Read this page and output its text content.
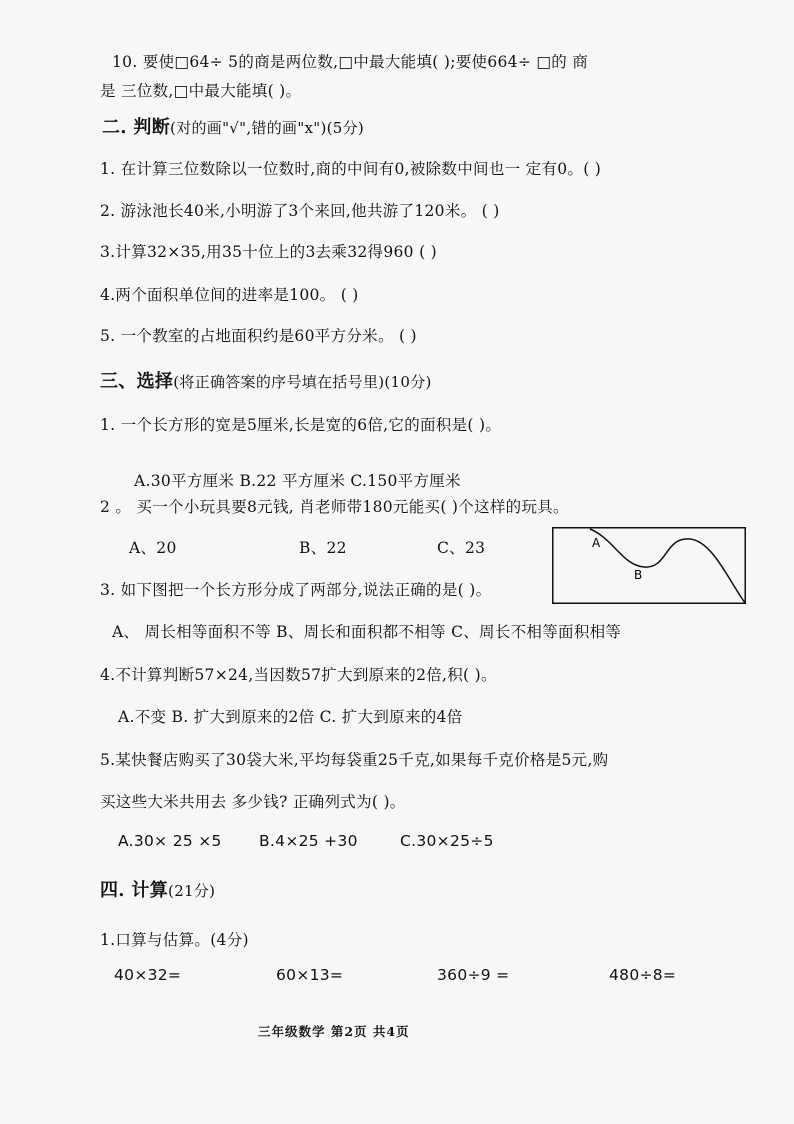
10. 要使□64÷ 5的商是两位数,□中最大能填( );要使664÷ □的 商
是 三位数,□中最大能填( )。
二. 判断(对的画"√",错的画"x")(5分)
1. 在计算三位数除以一位数时,商的中间有0,被除数中间也一 定有0。( )
2. 游泳池长40米,小明游了3个来回,他共游了120米。 ( )
3.计算32×35,用35十位上的3去乘32得960 ( )
4.两个面积单位间的进率是100。 ( )
5. 一个教室的占地面积约是60平方分米。 ( )
三、选择(将正确答案的序号填在括号里)(10分)
1. 一个长方形的宽是5厘米,长是宽的6倍,它的面积是( )。
A.30平方厘米 B.22 平方厘米 C.150平方厘米
2 。 买一个小玩具要8元钱, 肖老师带180元能买( )个这样的玩具。
A、20	B、22	C、23	A
B
3. 如下图把一个长方形分成了两部分,说法正确的是( )。
A、 周长相等面积不等 B、周长和面积都不相等 C、周长不相等面积相等
4.不计算判断57×24,当因数57扩大到原来的2倍,积( )。
A.不变 B. 扩大到原来的2倍 C. 扩大到原来的4倍
5.某快餐店购买了30袋大米,平均每袋重25千克,如果每千克价格是5元,购
买这些大米共用去 多少钱? 正确列式为( )。
A.30× 25 ×5 B.4×25 +30	C.30×25÷5
四. 计算(21分)
1.口算与估算。(4分)
40×32=	60×13=	360÷9 =	480÷8=
三年级数学 第2页 共4页
